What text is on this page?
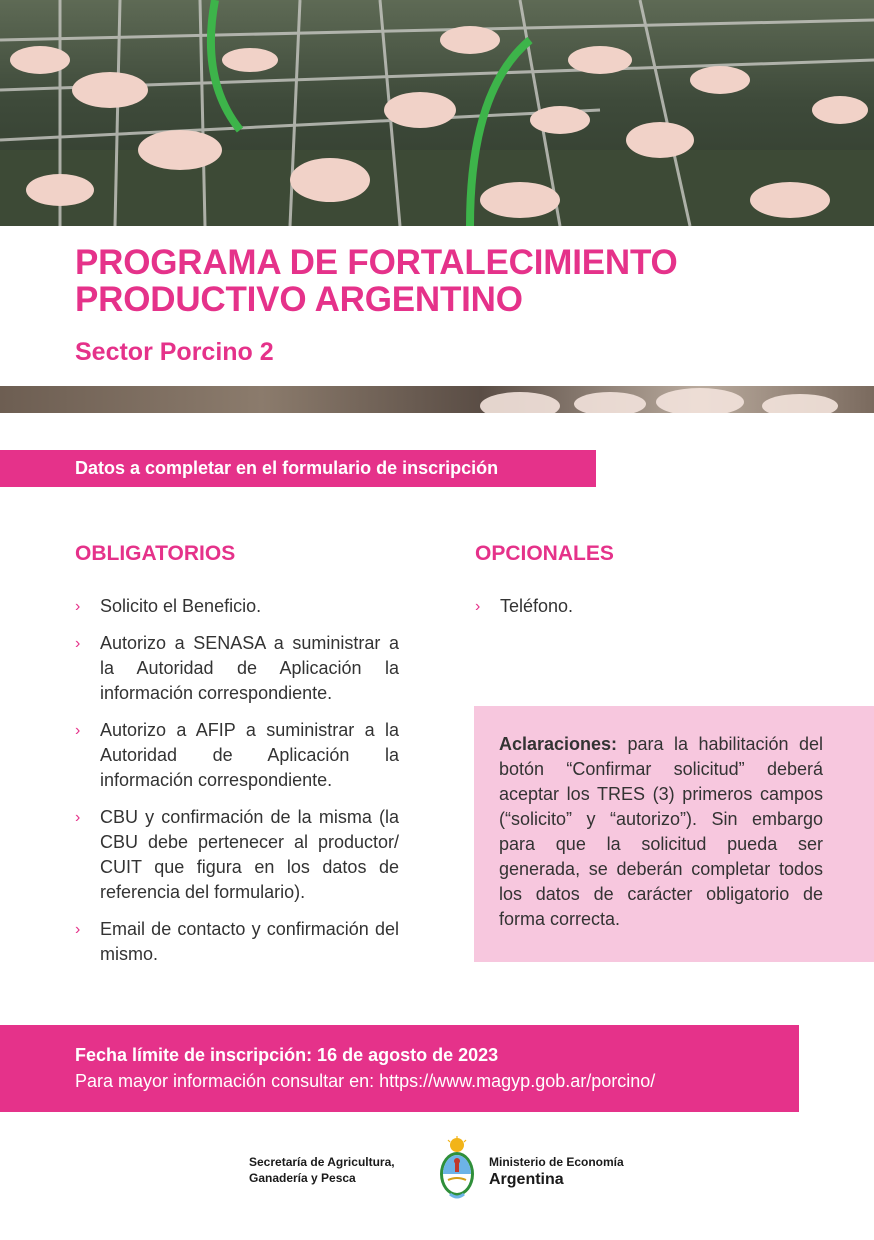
PROGRAMA DE FORTALECIMIENTO
PRODUCTIVO ARGENTINO
Sector Porcino 2
Datos a completar en el formulario de inscripción
OBLIGATORIOS
› Solicito el Beneficio.
› Autorizo a SENASA a suministrar a la Autoridad de Aplicación la información correspondiente.
› Autorizo a AFIP a suministrar a la Autoridad de Aplicación la información correspondiente.
› CBU y confirmación de la misma (la CBU debe pertenecer al productor/ CUIT que figura en los datos de referencia del formulario).
› Email de contacto y confirmación del mismo.
OPCIONALES
› Teléfono.

Aclaraciones: para la habilitación del botón “Confirmar solicitud” deberá aceptar los TRES (3) primeros campos (“solicito” y “autorizo”). Sin embargo para que la solicitud pueda ser generada, se deberán completar todos los datos de carácter obligatorio de forma correcta.

Fecha límite de inscripción: 16 de agosto de 2023
Para mayor información consultar en: https://www.magyp.gob.ar/porcino/
Secretaría de Agricultura,
Ganadería y Pesca
Ministerio de Economía
Argentina
